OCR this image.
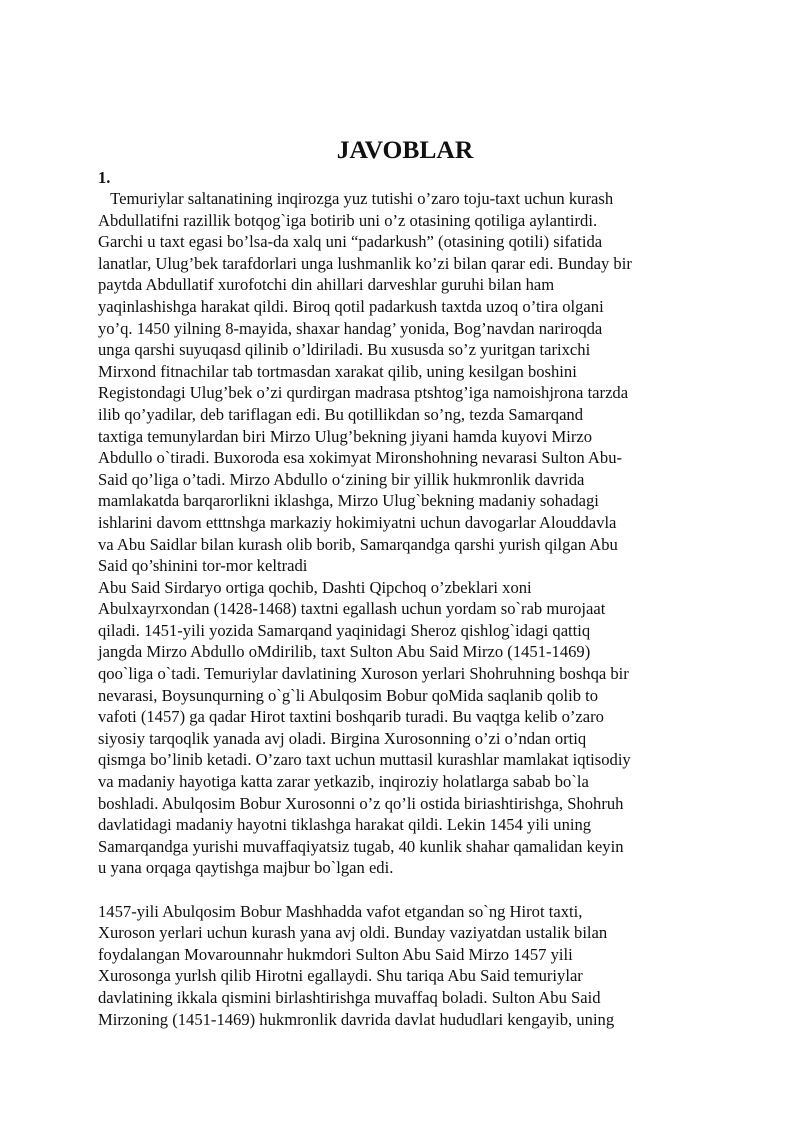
JAVOBLAR
1.
Temuriylar saltanatining inqirozga yuz tutishi o’zaro toju-taxt uchun kurash
Abdullatifni razillik botqog`iga botirib uni o’z otasining qotiliga aylantirdi.
Garchi u taxt egasi bo’lsa-da xalq uni “padarkush” (otasining qotili) sifatida
lanatlar, Ulug’bek tarafdorlari unga lushmanlik ko’zi bilan qarar edi. Bunday bir
paytda Abdullatif xurofotchi din ahillari darveshlar guruhi bilan ham
yaqinlashishga harakat qildi. Biroq qotil padarkush taxtda uzoq o’tira olgani
yo’q. 1450 yilning 8-mayida, shaxar handag’ yonida, Bog’navdan nariroqda
unga qarshi suyuqasd qilinib o’ldiriladi. Bu xususda so’z yuritgan tarixchi
Mirxond fitnachilar tab tortmasdan xarakat qilib, uning kesilgan boshini
Registondagi Ulug’bek o’zi qurdirgan madrasa ptshtog’iga namoishjrona tarzda
ilib qo’yadilar, deb tariflagan edi. Bu qotillikdan so’ng, tezda Samarqand
taxtiga temunylardan biri Mirzo Ulug’bekning jiyani hamda kuyovi Mirzo
Abdullo o`tiradi. Buxoroda esa xokimyat Mironshohning nevarasi Sulton Abu-
Said qo’liga o’tadi. Mirzo Abdullo o‘zining bir yillik hukmronlik davrida
mamlakatda barqarorlikni iklashga, Mirzo Ulug`bekning madaniy sohadagi
ishlarini davom etttnshga markaziy hokimiyatni uchun davogarlar Alouddavla
va Abu Saidlar bilan kurash olib borib, Samarqandga qarshi yurish qilgan Abu
Said qo’shinini tor-mor keltradi
Abu Said Sirdaryo ortiga qochib, Dashti Qipchoq o’zbeklari xoni
Abulxayrxondan (1428-1468) taxtni egallash uchun yordam so`rab murojaat
qiladi. 1451-yili yozida Samarqand yaqinidagi Sheroz qishlog`idagi qattiq
jangda Mirzo Abdullo oMdirilib, taxt Sulton Abu Said Mirzo (1451-1469)
qoo`liga o`tadi. Temuriylar davlatining Xuroson yerlari Shohruhning boshqa bir
nevarasi, Boysunqurning o`g`li Abulqosim Bobur qoMida saqlanib qolib to
vafoti (1457) ga qadar Hirot taxtini boshqarib turadi. Bu vaqtga kelib o’zaro
siyosiy tarqoqlik yanada avj oladi. Birgina Xurosonning o’zi o’ndan ortiq
qismga bo’linib ketadi. O’zaro taxt uchun muttasil kurashlar mamlakat iqtisodiy
va madaniy hayotiga katta zarar yetkazib, inqiroziy holatlarga sabab bo`la
boshladi. Abulqosim Bobur Xurosonni o’z qo’li ostida biriashtirishga, Shohruh
davlatidagi madaniy hayotni tiklashga harakat qildi. Lekin 1454 yili uning
Samarqandga yurishi muvaffaqiyatsiz tugab, 40 kunlik shahar qamalidan keyin
u yana orqaga qaytishga majbur bo`lgan edi.
1457-yili Abulqosim Bobur Mashhadda vafot etgandan so`ng Hirot taxti,
Xuroson yerlari uchun kurash yana avj oldi. Bunday vaziyatdan ustalik bilan
foydalangan Movarounnahr hukmdori Sulton Abu Said Mirzo 1457 yili
Xurosonga yurlsh qilib Hirotni egallaydi. Shu tariqa Abu Said temuriylar
davlatining ikkala qismini birlashtirishga muvaffaq boladi. Sulton Abu Said
Mirzoning (1451-1469) hukmronlik davrida davlat hududlari kengayib, uning
